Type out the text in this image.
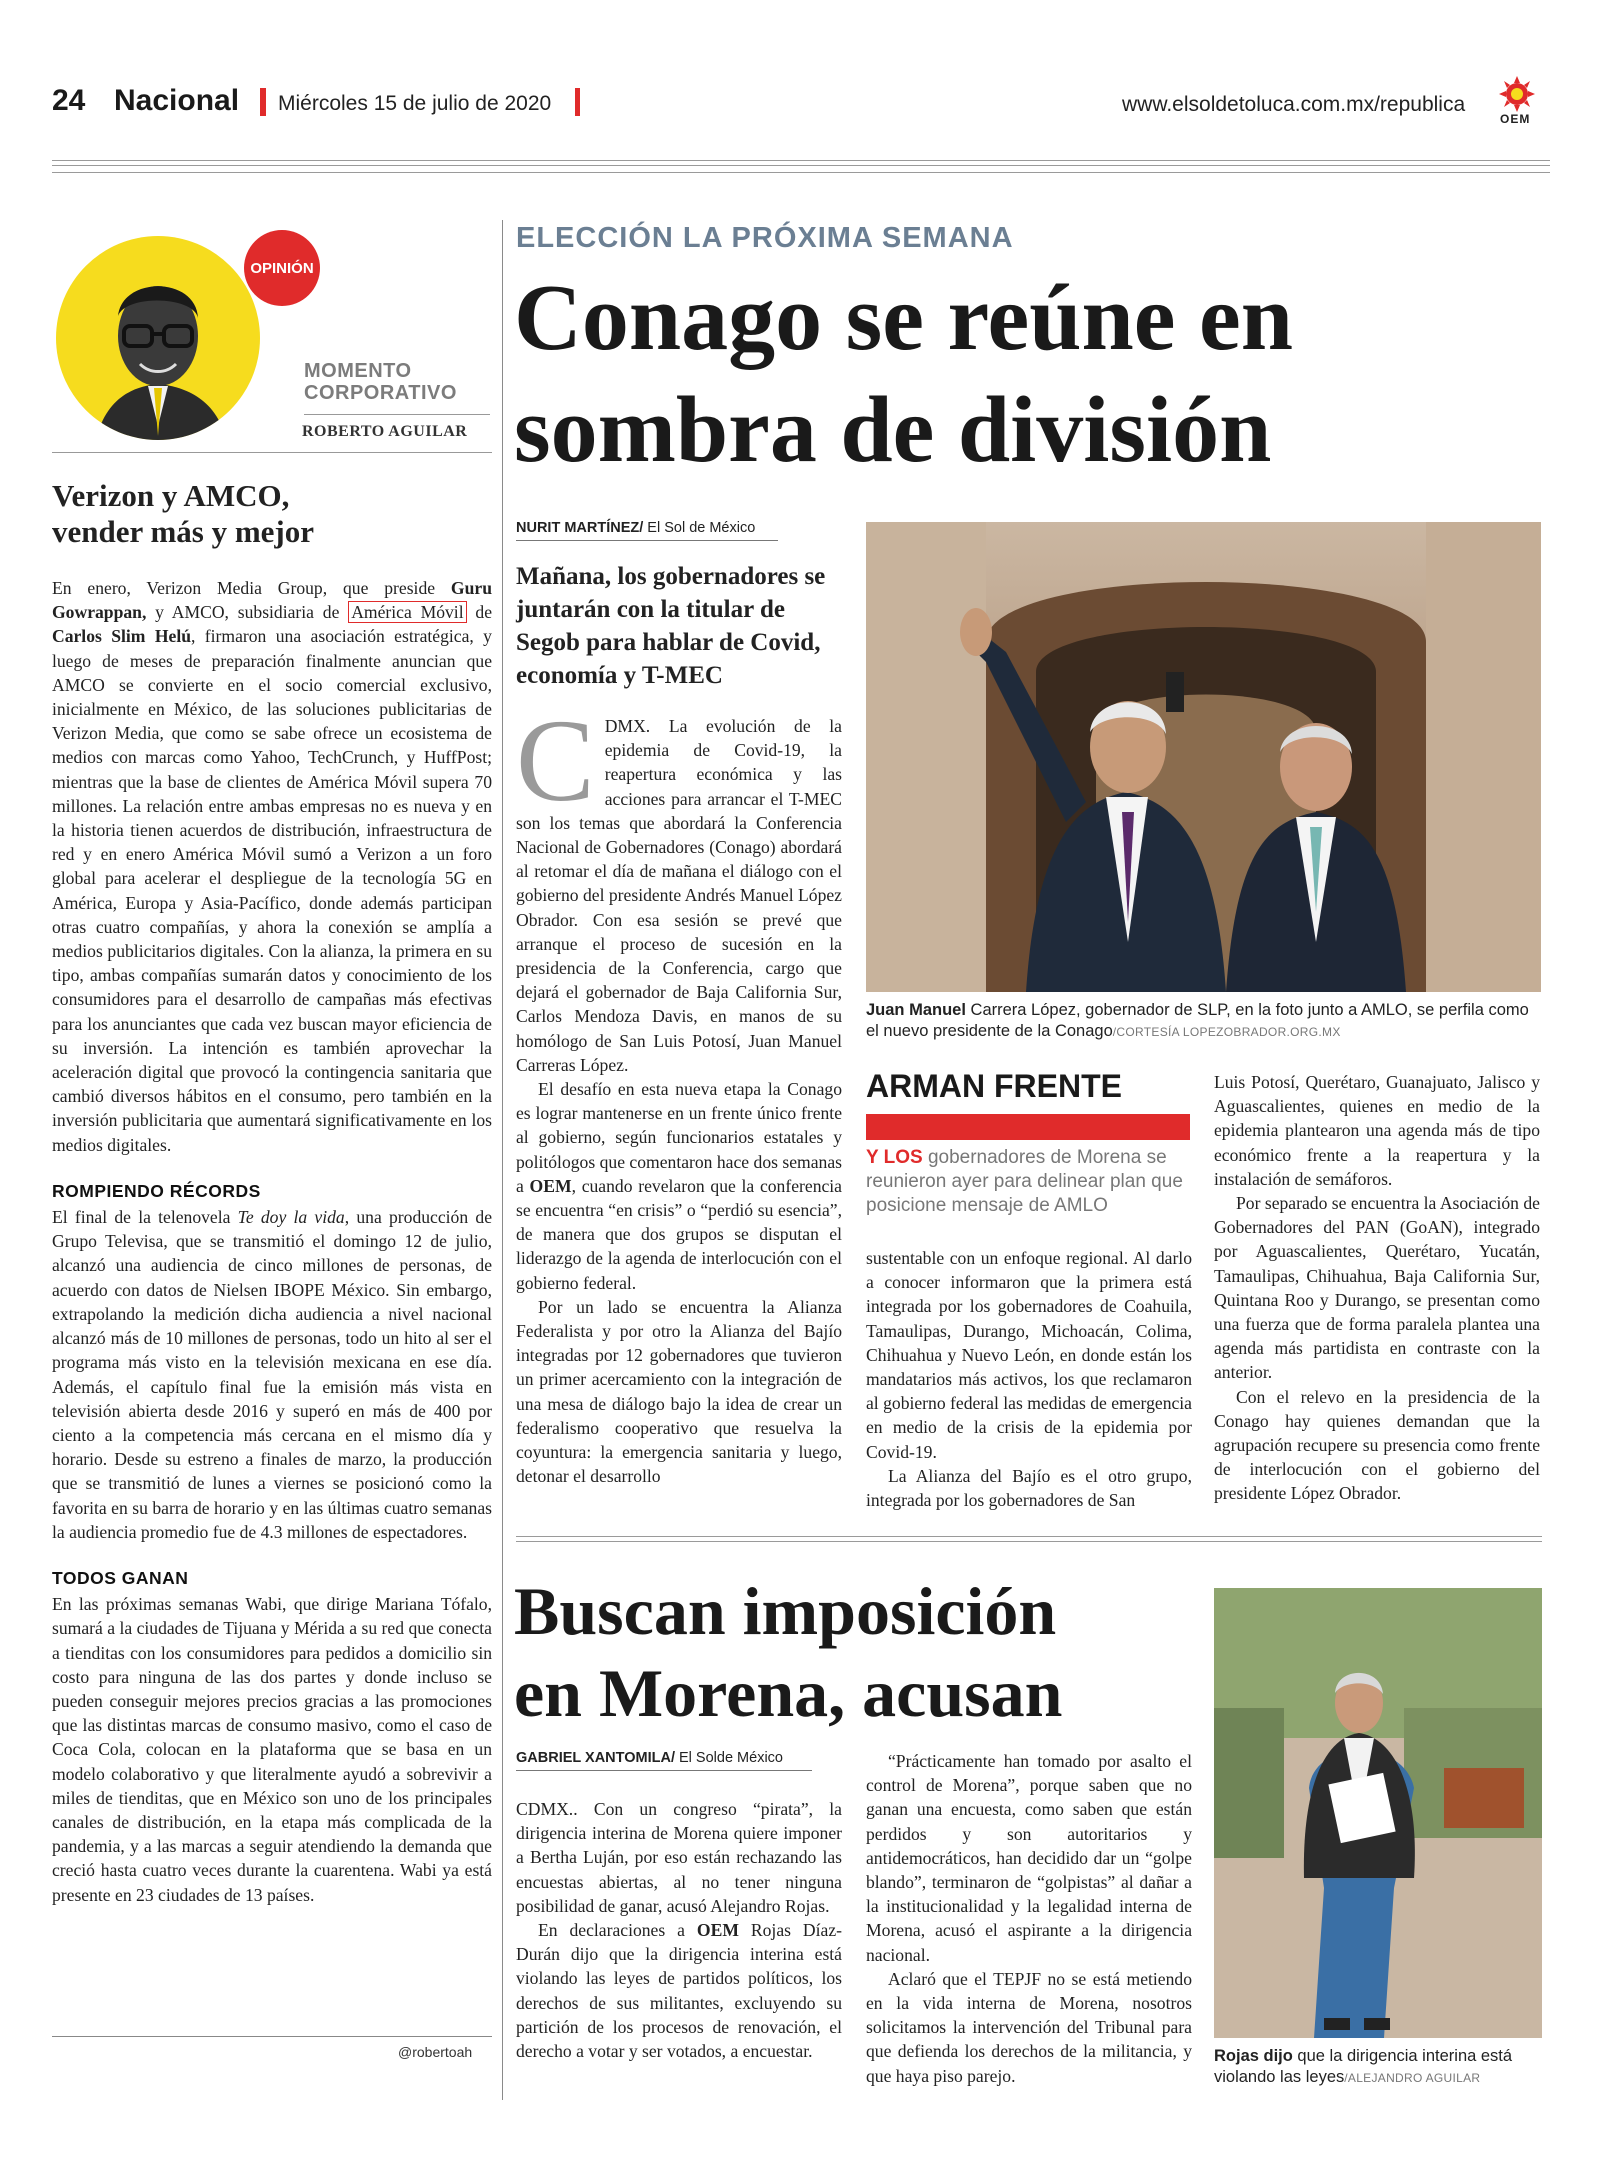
24 Nacional Miércoles 15 de julio de 2020	www.elsoldetoluca.com.mx/republica
OEM
OPINIÓN
MOMENTO
CORPORATIVO
ROBERTO AGUILAR
Verizon y AMCO,
vender más y mejor

En enero, Verizon Media Group, que preside Guru Gowrappan, y AMCO, subsidiaria de América Móvil de Carlos Slim Helú, firmaron una asociación estratégica, y luego de meses de preparación finalmente anuncian que AMCO se convierte en el socio comercial exclusivo, inicialmente en México, de las soluciones publicitarias de Verizon Media, que como se sabe ofrece un ecosistema de medios con marcas como Yahoo, TechCrunch, y HuffPost; mientras que la base de clientes de América Móvil supera 70 millones. La relación entre ambas empresas no es nueva y en la historia tienen acuerdos de distribución, infraestructura de red y en enero América Móvil sumó a Verizon a un foro global para acelerar el despliegue de la tecnología 5G en América, Europa y Asia-Pacífico, donde además participan otras cuatro compañías, y ahora la conexión se amplía a medios publicitarios digitales. Con la alianza, la primera en su tipo, ambas compañías sumarán datos y conocimiento de los consumidores para el desarrollo de campañas más efectivas para los anunciantes que cada vez buscan mayor eficiencia de su inversión. La intención es también aprovechar la aceleración digital que provocó la contingencia sanitaria que cambió diversos hábitos en el consumo, pero también en la inversión publicitaria que aumentará significativamente en los medios digitales.

ROMPIENDO RÉCORDS

El final de la telenovela Te doy la vida, una producción de Grupo Televisa, que se transmitió el domingo 12 de julio, alcanzó una audiencia de cinco millones de personas, de acuerdo con datos de Nielsen IBOPE México. Sin embargo, extrapolando la medición dicha audiencia a nivel nacional alcanzó más de 10 millones de personas, todo un hito al ser el programa más visto en la televisión mexicana en ese día. Además, el capítulo final fue la emisión más vista en televisión abierta desde 2016 y superó en más de 400 por ciento a la competencia más cercana en el mismo día y horario. Desde su estreno a finales de marzo, la producción que se transmitió de lunes a viernes se posicionó como la favorita en su barra de horario y en las últimas cuatro semanas la audiencia promedio fue de 4.3 millones de espectadores.

TODOS GANAN

En las próximas semanas Wabi, que dirige Mariana Tófalo, sumará a la ciudades de Tijuana y Mérida a su red que conecta a tienditas con los consumidores para pedidos a domicilio sin costo para ninguna de las dos partes y donde incluso se pueden conseguir mejores precios gracias a las promociones que las distintas marcas de consumo masivo, como el caso de Coca Cola, colocan en la plataforma que se basa en un modelo colaborativo y que literalmente ayudó a sobrevivir a miles de tienditas, que en México son uno de los principales canales de distribución, en la etapa más complicada de la pandemia, y a las marcas a seguir atendiendo la demanda que creció hasta cuatro veces durante la cuarentena. Wabi ya está presente en 23 ciudades de 13 países.

@robertoah
ELECCIÓN LA PRÓXIMA SEMANA
Conago se reúne en
sombra de división
NURIT MARTÍNEZ/ El Sol de México
Mañana, los gobernadores se juntarán con la titular de Segob para hablar de Covid, economía y T-MEC

CDMX. La evolución de la epidemia de Covid-19, la reapertura económica y las acciones para arrancar el T-MEC son los temas que abordará la Conferencia Nacional de Gobernadores (Conago) abordará al retomar el día de mañana el diálogo con el gobierno del presidente Andrés Manuel López Obrador. Con esa sesión se prevé que arranque el proceso de sucesión en la presidencia de la Conferencia, cargo que dejará el gobernador de Baja California Sur, Carlos Mendoza Davis, en manos de su homólogo de San Luis Potosí, Juan Manuel Carreras López.

El desafío en esta nueva etapa la Conago es lograr mantenerse en un frente único frente al gobierno, según funcionarios estatales y politólogos que comentaron hace dos semanas a OEM, cuando revelaron que la conferencia se encuentra “en crisis” o “perdió su esencia”, de manera que dos grupos se disputan el liderazgo de la agenda de interlocución con el gobierno federal.

Por un lado se encuentra la Alianza Federalista y por otro la Alianza del Bajío integradas por 12 gobernadores que tuvieron un primer acercamiento con la integración de una mesa de diálogo bajo la idea de crear un federalismo cooperativo que resuelva la coyuntura: la emergencia sanitaria y luego, detonar el desarrollo

Juan Manuel Carrera López, gobernador de SLP, en la foto junto a AMLO, se perfila como el nuevo presidente de la Conago/CORTESÍA LOPEZOBRADOR.ORG.MX
ARMAN FRENTE
Y LOS gobernadores de Morena se reunieron ayer para delinear plan que posicione mensaje de AMLO

sustentable con un enfoque regional. Al darlo a conocer informaron que la primera está integrada por los gobernadores de Coahuila, Tamaulipas, Durango, Michoacán, Colima, Chihuahua y Nuevo León, en donde están los mandatarios más activos, los que reclamaron al gobierno federal las medidas de emergencia en medio de la crisis de la epidemia por Covid-19.

La Alianza del Bajío es el otro grupo, integrada por los gobernadores de San

Luis Potosí, Querétaro, Guanajuato, Jalisco y Aguascalientes, quienes en medio de la epidemia plantearon una agenda más de tipo económico frente a la reapertura y la instalación de semáforos.

Por separado se encuentra la Asociación de Gobernadores del PAN (GoAN), integrado por Aguascalientes, Querétaro, Yucatán, Tamaulipas, Chihuahua, Baja California Sur, Quintana Roo y Durango, se presentan como una fuerza que de forma paralela plantea una agenda más partidista en contraste con la anterior.

Con el relevo en la presidencia de la Conago hay quienes demandan que la agrupación recupere su presencia como frente de interlocución con el gobierno del presidente López Obrador.

Buscan imposición
en Morena, acusan
GABRIEL XANTOMILA/ El Solde México

CDMX.. Con un congreso “pirata”, la dirigencia interina de Morena quiere imponer a Bertha Luján, por eso están rechazando las encuestas abiertas, al no tener ninguna posibilidad de ganar, acusó Alejandro Rojas.

En declaraciones a OEM Rojas Díaz-Durán dijo que la dirigencia interina está violando las leyes de partidos políticos, los derechos de sus militantes, excluyendo su partición de los procesos de renovación, el derecho a votar y ser votados, a encuestar.

“Prácticamente han tomado por asalto el control de Morena”, porque saben que no ganan una encuesta, como saben que están perdidos y son autoritarios y antidemocráticos, han decidido dar un “golpe blando”, terminaron de “golpistas” al dañar a la institucionalidad y la legalidad interna de Morena, acusó el aspirante a la dirigencia nacional.

Aclaró que el TEPJF no se está metiendo en la vida interna de Morena, nosotros solicitamos la intervención del Tribunal para que defienda los derechos de la militancia, y que haya piso parejo.

Rojas dijo que la dirigencia interina está violando las leyes/ALEJANDRO AGUILAR
